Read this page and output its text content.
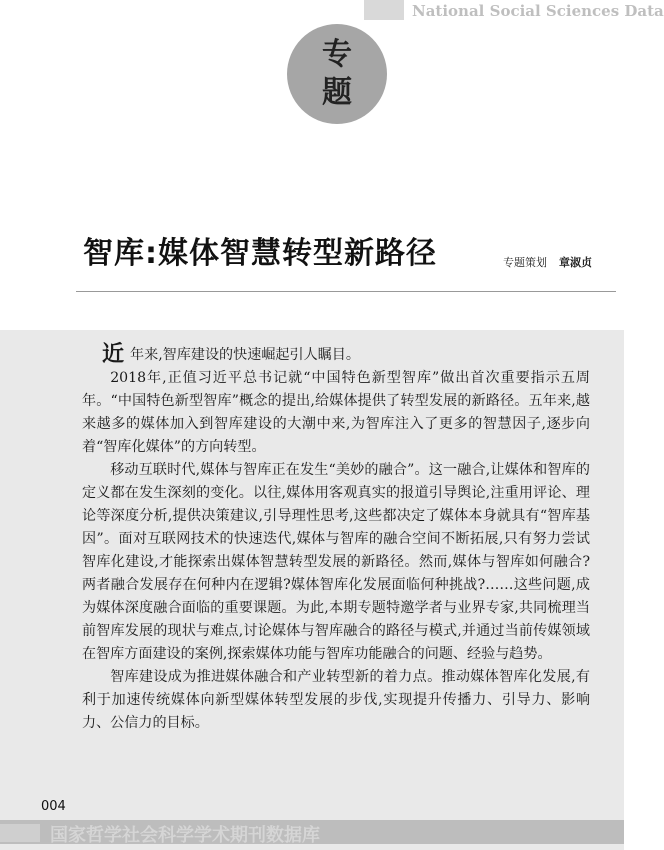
National Social Sciences Data
专
题
智库:媒体智慧转型新路径	专题策划 章淑贞

近年来,智库建设的快速崛起引人瞩目。

2018年,正值习近平总书记就“中国特色新型智库”做出首次重要指示五周年。“中国特色新型智库”概念的提出,给媒体提供了转型发展的新路径。五年来,越来越多的媒体加入到智库建设的大潮中来,为智库注入了更多的智慧因子,逐步向着“智库化媒体”的方向转型。

移动互联时代,媒体与智库正在发生“美妙的融合”。这一融合,让媒体和智库的定义都在发生深刻的变化。以往,媒体用客观真实的报道引导舆论,注重用评论、理论等深度分析,提供决策建议,引导理性思考,这些都决定了媒体本身就具有“智库基因”。面对互联网技术的快速迭代,媒体与智库的融合空间不断拓展,只有努力尝试智库化建设,才能探索出媒体智慧转型发展的新路径。然而,媒体与智库如何融合?两者融合发展存在何种内在逻辑?媒体智库化发展面临何种挑战?……这些问题,成为媒体深度融合面临的重要课题。为此,本期专题特邀学者与业界专家,共同梳理当前智库发展的现状与难点,讨论媒体与智库融合的路径与模式,并通过当前传媒领域在智库方面建设的案例,探索媒体功能与智库功能融合的问题、经验与趋势。

智库建设成为推进媒体融合和产业转型新的着力点。推动媒体智库化发展,有利于加速传统媒体向新型媒体转型发展的步伐,实现提升传播力、引导力、影响力、公信力的目标。

004
国家哲学社会科学学术期刊数据库
